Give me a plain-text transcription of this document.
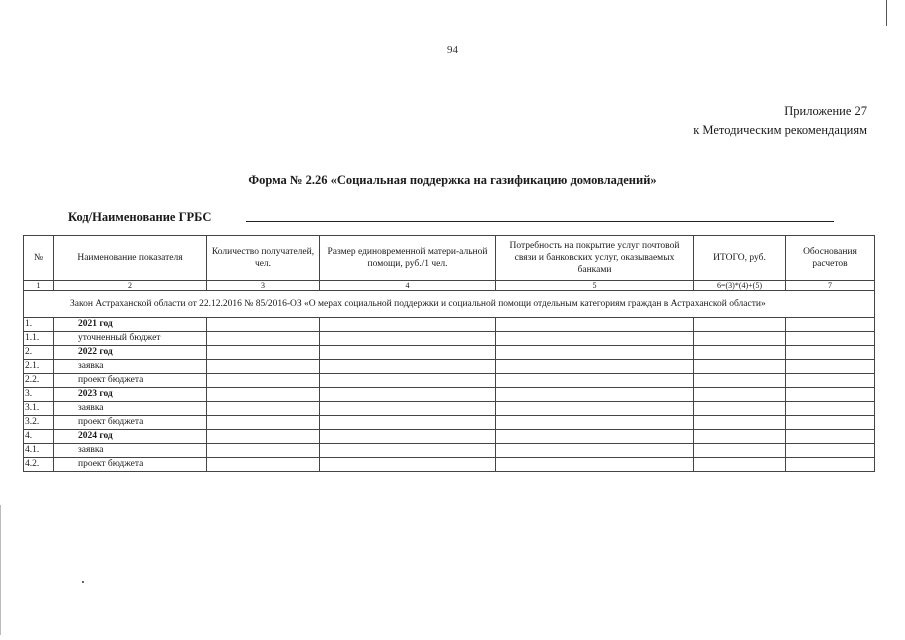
94
Приложение 27
к Методическим рекомендациям
Форма № 2.26 «Социальная поддержка на газификацию домовладений»
Код/Наименование ГРБС
№	Наименование показателя	Количество получателей, чел.	Размер единовременной матери-альной помощи, руб./1 чел.	Потребность на покрытие услуг почтовой связи и банковских услуг, оказываемых банками	ИТОГО, руб.	Обоснования расчетов
1	2	3	4	5	6=(3)*(4)+(5)	7
Закон Астраханской области от 22.12.2016 № 85/2016-ОЗ «О мерах социальной поддержки и социальной помощи отдельным категориям граждан в Астраханской области»						
1.	2021 год					
1.1.	уточненный бюджет					
2.	2022 год					
2.1.	заявка					
2.2.	проект бюджета					
3.	2023 год					
3.1.	заявка					
3.2.	проект бюджета					
4.	2024 год					
4.1.	заявка					
4.2.	проект бюджета					
